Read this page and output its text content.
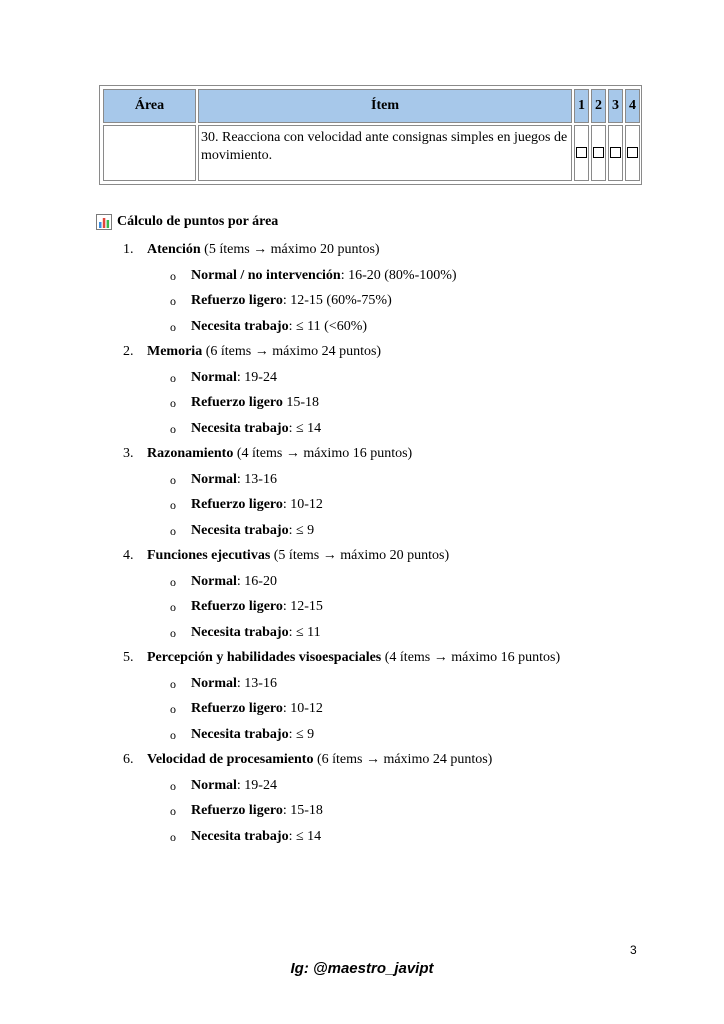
Área	Ítem	1	2	3	4
	30. Reacciona con velocidad ante consignas simples en juegos de movimiento.				
Cálculo de puntos por área
1. Atención (5 ítems → máximo 20 puntos)
o Normal / no intervención: 16-20 (80%-100%)
o Refuerzo ligero: 12-15 (60%-75%)
o Necesita trabajo: ≤ 11 (<60%)
2. Memoria (6 ítems → máximo 24 puntos)
o Normal: 19-24
o Refuerzo ligero 15-18
o Necesita trabajo: ≤ 14
3. Razonamiento (4 ítems → máximo 16 puntos)
o Normal: 13-16
o Refuerzo ligero: 10-12
o Necesita trabajo: ≤ 9
4. Funciones ejecutivas (5 ítems → máximo 20 puntos)
o Normal: 16-20
o Refuerzo ligero: 12-15
o Necesita trabajo: ≤ 11
5. Percepción y habilidades visoespaciales (4 ítems → máximo 16 puntos)
o Normal: 13-16
o Refuerzo ligero: 10-12
o Necesita trabajo: ≤ 9
6. Velocidad de procesamiento (6 ítems → máximo 24 puntos)
o Normal: 19-24
o Refuerzo ligero: 15-18
o Necesita trabajo: ≤ 14
3
Ig: @maestro_javipt
